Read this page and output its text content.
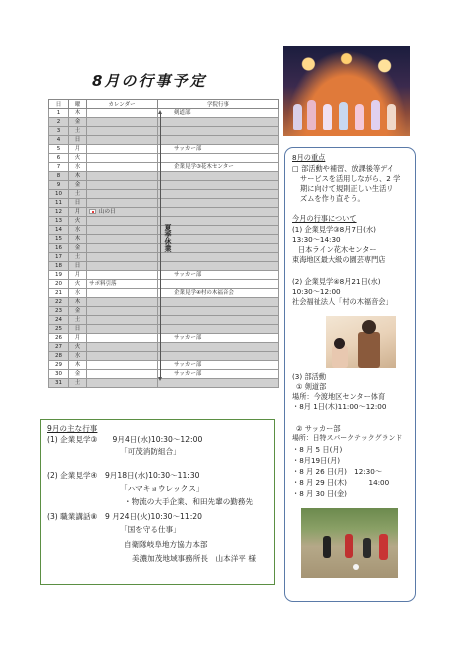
8月の行事予定
日	曜	カレンダー	学院行事
1	木		剣道部
2	金		
3	土		
4	日		
5	月		サッカー部
6	火		
7	水		企業見学③花木センター
8	木		
9	金		
10	土		
11	日		
12	月	山の日	
13	火		
14	水		
15	木		
16	金		
17	土		
18	日		
19	月		サッカー部
20	火	サポ料引落	
21	水		企業見学④村の木福音会
22	木		
23	金		
24	土		
25	日		
26	月		サッカー部
27	火		
28	水		
29	木		サッカー部
30	金		サッカー部
31	土		
夏季休業
8月の重点
□ 部活動や補習、放課後等デイ
サービスを活用しながら、2 学
期に向けて規則正しい生活リ
ズムを作り直そう。
今月の行事について
(1) 企業見学③8月7日(水)
13:30〜14:30
日本ライン花木センター
東海地区最大級の園芸専門店
(2) 企業見学④8月21日(水)
10:30〜12:00
社会福祉法人「村の木福音会」
(3) 部活動
① 剣道部
場所：今渡地区センター体育
・8月 1日(木)11:00〜12:00
② サッカー部
場所：日特スパークテックグランド
・8 月 5 日(月)
・8月19日(月)
・8 月 26 日(月)　12:30〜
・8 月 29 日(木)　　　14:00
・8 月 30 日(金)
9月の主な行事
(1) 企業見学③　　9月4日(水)10:30〜12:00
「可茂消防組合」
(2) 企業見学④　9月18日(水)10:30〜11:30
「ハマキョウレックス」
・物流の大手企業、和田先輩の勤務先
(3) 職業講話⑧　9 月24日(火)10:30〜11:20
「国を守る仕事」
自衛隊岐阜地方協力本部
美濃加茂地域事務所長　山本洋平 様
